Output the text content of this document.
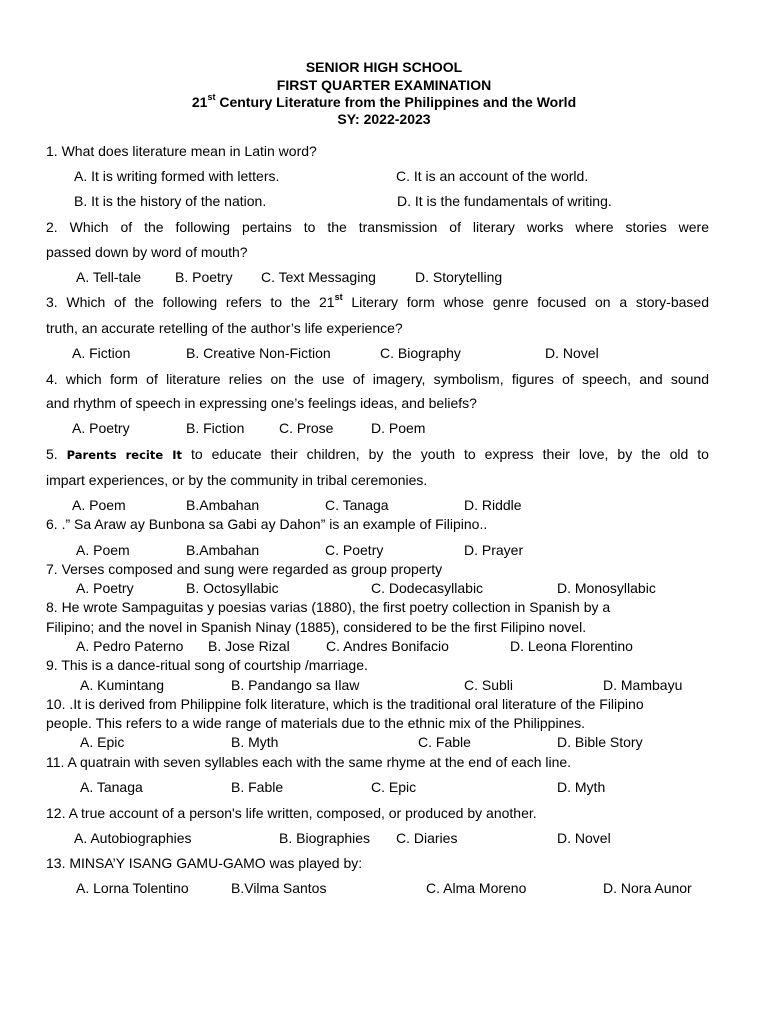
SENIOR HIGH SCHOOL
FIRST QUARTER EXAMINATION
21st Century Literature from the Philippines and the World
SY: 2022-2023
1. What does literature mean in Latin word?
A. It is writing formed with letters.	C. It is an account of the world.
B. It is the history of the nation.	D. It is the fundamentals of writing.
2. Which of the following pertains to the transmission of literary works where stories were
passed down by word of mouth?
A. Tell-tale B. Poetry C. Text Messaging	D. Storytelling
3. Which of the following refers to the 21st Literary form whose genre focused on a story-based
truth, an accurate retelling of the author’s life experience?
A. Fiction	B. Creative Non-Fiction	C. Biography	D. Novel
4. which form of literature relies on the use of imagery, symbolism, figures of speech, and sound
and rhythm of speech in expressing one’s feelings ideas, and beliefs?
A. Poetry	B. Fiction C. Prose	D. Poem
5. Parents recite It to educate their children, by the youth to express their love, by the old to
impart experiences, or by the community in tribal ceremonies.
A. Poem	B.Ambahan	C. Tanaga	D. Riddle
6. .” Sa Araw ay Bunbona sa Gabi ay Dahon” is an example of Filipino..
A. Poem	B.Ambahan	C. Poetry	D. Prayer
7. Verses composed and sung were regarded as group property
A. Poetry	B. Octosyllabic	C. Dodecasyllabic	D. Monosyllabic
8. He wrote Sampaguitas y poesias varias (1880), the first poetry collection in Spanish by a
Filipino; and the novel in Spanish Ninay (1885), considered to be the first Filipino novel.
A. Pedro Paterno B. Jose Rizal	C. Andres Bonifacio	D. Leona Florentino
9. This is a dance-ritual song of courtship /marriage.
A. Kumintang	B. Pandango sa Ilaw	C. Subli	D. Mambayu
10. .It is derived from Philippine folk literature, which is the traditional oral literature of the Filipino
people. This refers to a wide range of materials due to the ethnic mix of the Philippines.
A. Epic	B. Myth	C. Fable	D. Bible Story
11. A quatrain with seven syllables each with the same rhyme at the end of each line.
A. Tanaga	B. Fable	C. Epic	D. Myth
12. A true account of a person's life written, composed, or produced by another.
A. Autobiographies	B. Biographies C. Diaries	D. Novel
13. MINSA’Y ISANG GAMU-GAMO was played by:
A. Lorna Tolentino	B.Vilma Santos	C. Alma Moreno	D. Nora Aunor
